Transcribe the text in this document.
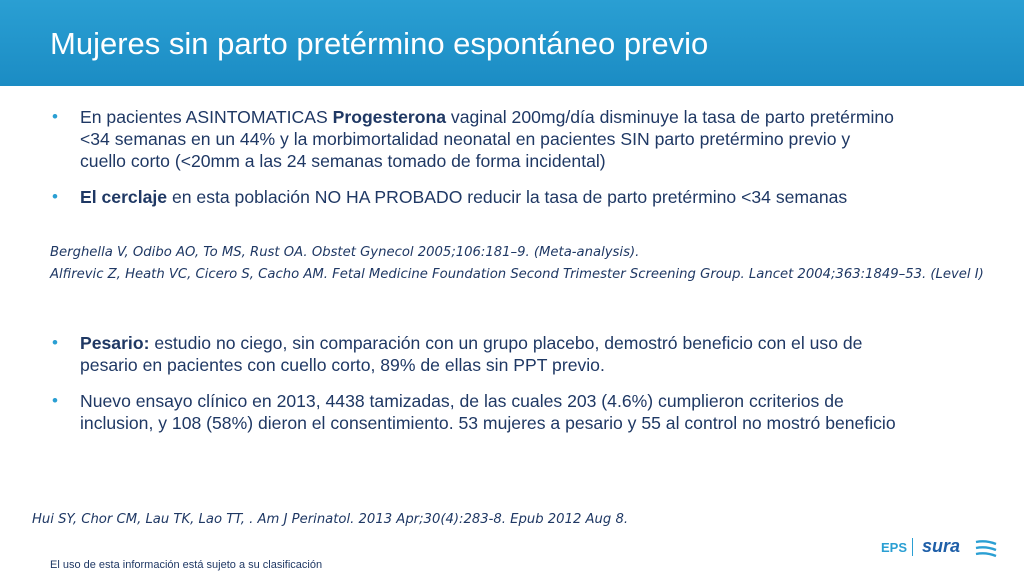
Mujeres sin parto pretérmino espontáneo previo
• En pacientes ASINTOMATICAS Progesterona vaginal 200mg/día disminuye la tasa de parto pretérmino
<34 semanas en un 44% y la morbimortalidad neonatal en pacientes SIN parto pretérmino previo y
cuello corto (<20mm a las 24 semanas tomado de forma incidental)
• El cerclaje en esta población NO HA PROBADO reducir la tasa de parto pretérmino <34 semanas
Berghella V, Odibo AO, To MS, Rust OA. Obstet Gynecol 2005;106:181–9. (Meta-analysis).
Alfirevic Z, Heath VC, Cicero S, Cacho AM. Fetal Medicine Foundation Second Trimester Screening Group. Lancet 2004;363:1849–53. (Level I)
• Pesario: estudio no ciego, sin comparación con un grupo placebo, demostró beneficio con el uso de
pesario en pacientes con cuello corto, 89% de ellas sin PPT previo.
• Nuevo ensayo clínico en 2013, 4438 tamizadas, de las cuales 203 (4.6%) cumplieron ccriterios de
inclusion, y 108 (58%) dieron el consentimiento. 53 mujeres a pesario y 55 al control no mostró beneficio
Hui SY, Chor CM, Lau TK, Lao TT, . Am J Perinatol. 2013 Apr;30(4):283-8. Epub 2012 Aug 8.
El uso de esta información está sujeto a su clasificación
EPS sura
